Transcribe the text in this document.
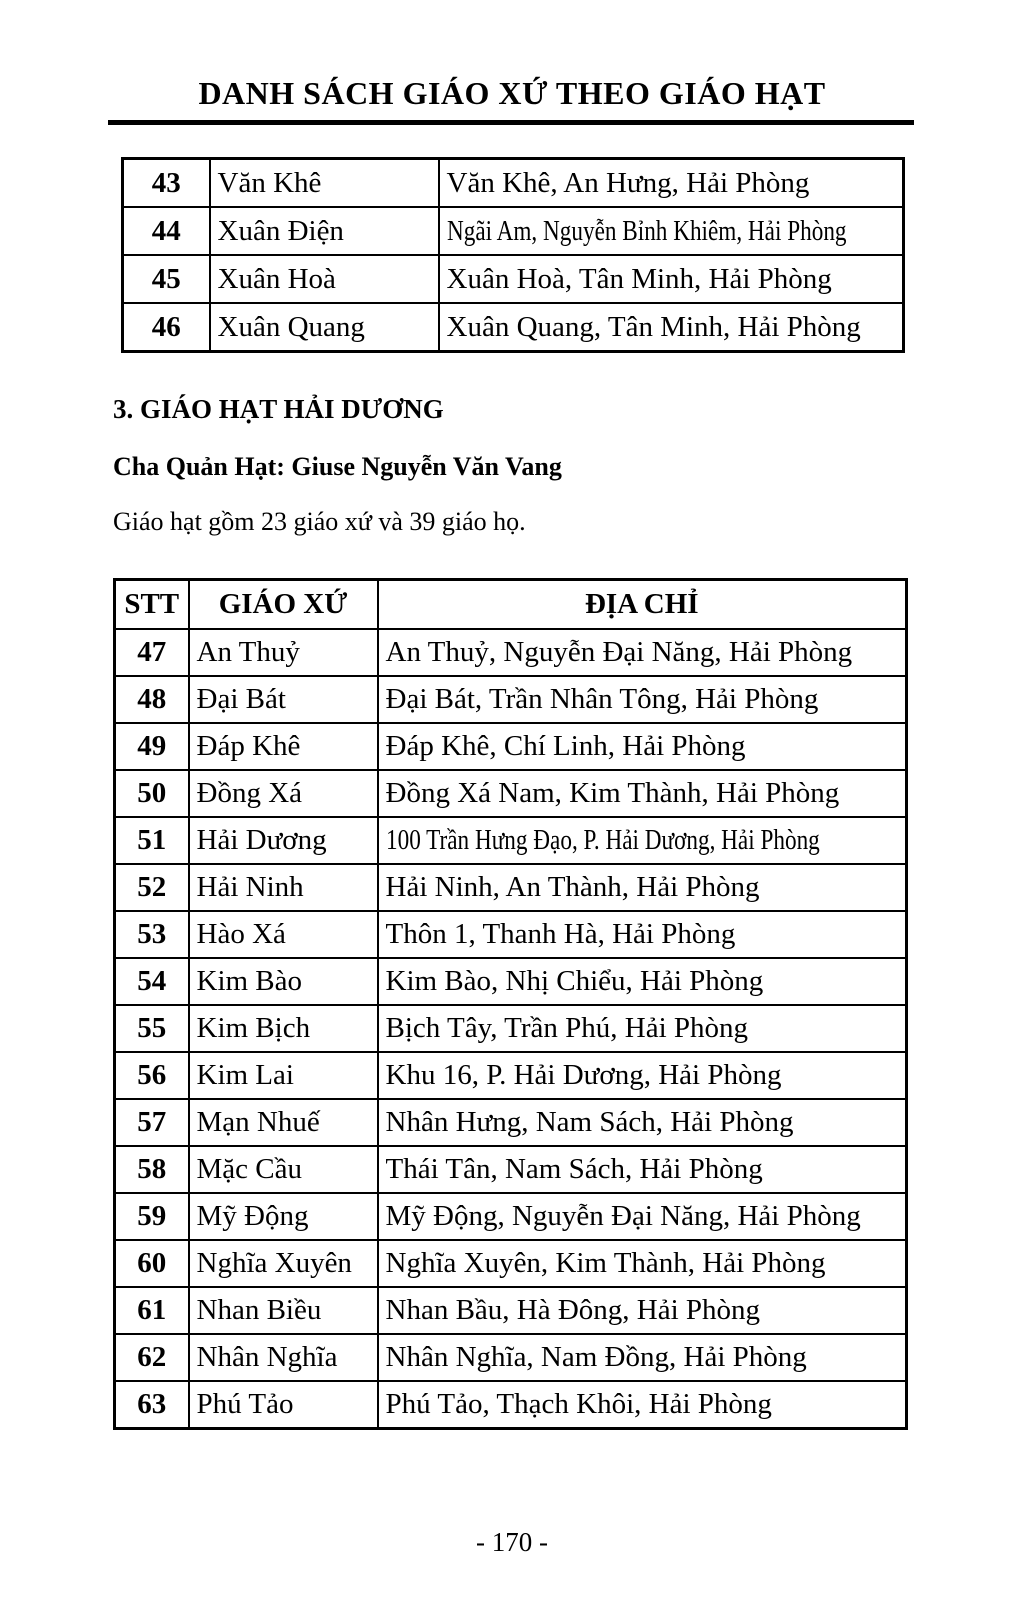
DANH SÁCH GIÁO XỨ THEO GIÁO HẠT
43	Văn Khê	Văn Khê, An Hưng, Hải Phòng
44	Xuân Điện	Ngãi Am, Nguyễn Bỉnh Khiêm, Hải Phòng
45	Xuân Hoà	Xuân Hoà, Tân Minh, Hải Phòng
46	Xuân Quang	Xuân Quang, Tân Minh, Hải Phòng
3. GIÁO HẠT HẢI DƯƠNG
Cha Quản Hạt: Giuse Nguyễn Văn Vang
Giáo hạt gồm 23 giáo xứ và 39 giáo họ.
STT	GIÁO XỨ	ĐỊA CHỈ
47	An Thuỷ	An Thuỷ, Nguyễn Đại Năng, Hải Phòng
48	Đại Bát	Đại Bát, Trần Nhân Tông, Hải Phòng
49	Đáp Khê	Đáp Khê, Chí Linh, Hải Phòng
50	Đồng Xá	Đồng Xá Nam, Kim Thành, Hải Phòng
51	Hải Dương	100 Trần Hưng Đạo, P. Hải Dương, Hải Phòng
52	Hải Ninh	Hải Ninh, An Thành, Hải Phòng
53	Hào Xá	Thôn 1, Thanh Hà, Hải Phòng
54	Kim Bào	Kim Bào, Nhị Chiểu, Hải Phòng
55	Kim Bịch	Bịch Tây, Trần Phú, Hải Phòng
56	Kim Lai	Khu 16, P. Hải Dương, Hải Phòng
57	Mạn Nhuế	Nhân Hưng, Nam Sách, Hải Phòng
58	Mặc Cầu	Thái Tân, Nam Sách, Hải Phòng
59	Mỹ Động	Mỹ Động, Nguyễn Đại Năng, Hải Phòng
60	Nghĩa Xuyên	Nghĩa Xuyên, Kim Thành, Hải Phòng
61	Nhan Biều	Nhan Bầu, Hà Đông, Hải Phòng
62	Nhân Nghĩa	Nhân Nghĩa, Nam Đồng, Hải Phòng
63	Phú Tảo	Phú Tảo, Thạch Khôi, Hải Phòng
- 170 -
